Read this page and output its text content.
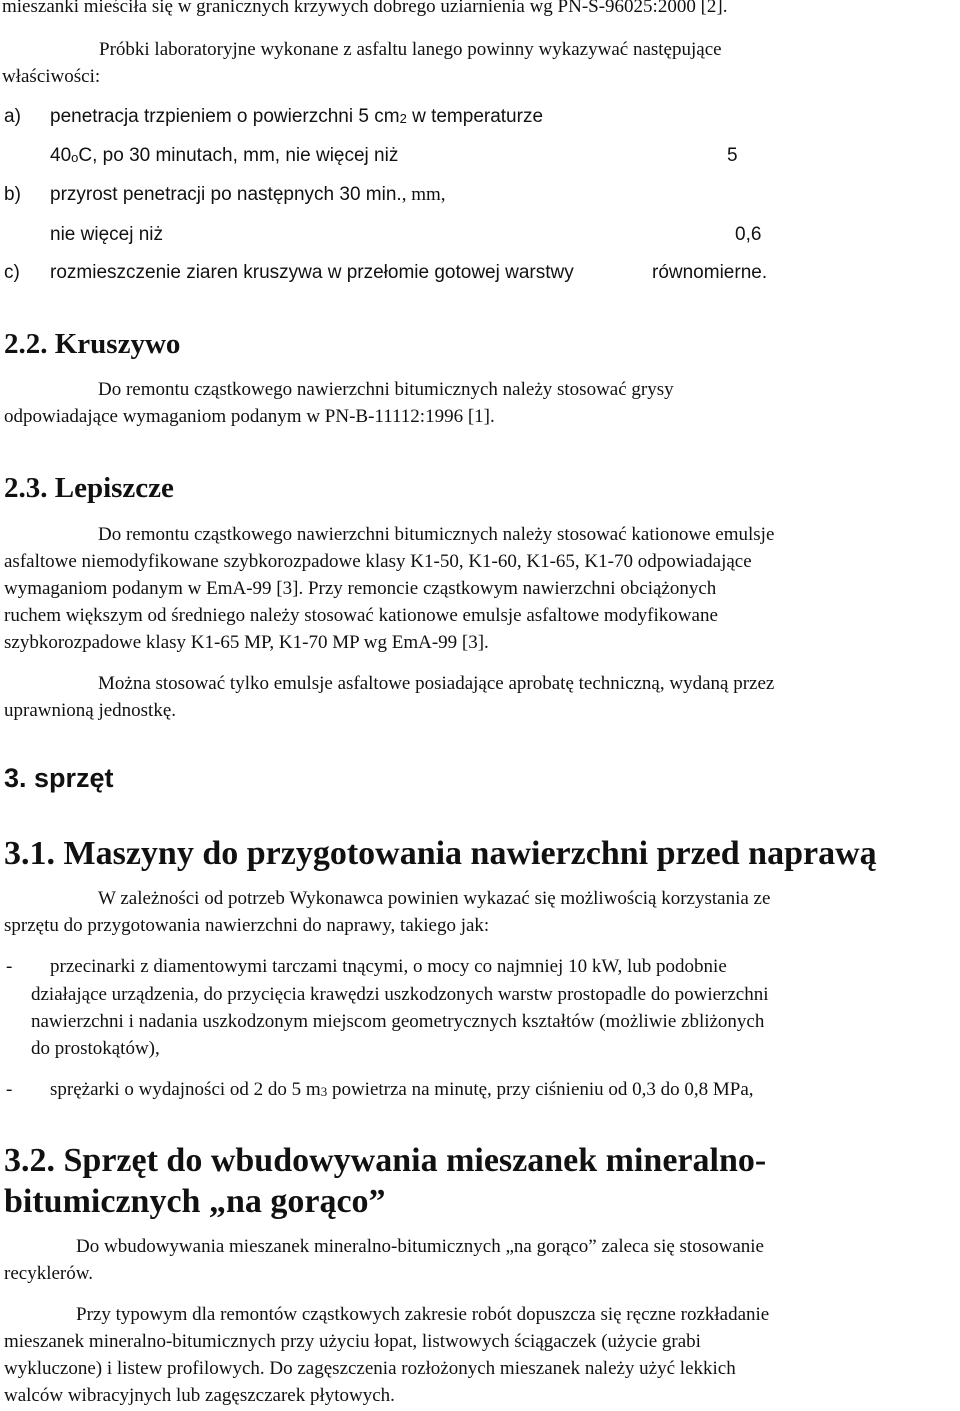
mieszanki mieściła się w granicznych krzywych dobrego uziarnienia wg PN-S-96025:2000 [2].
Próbki laboratoryjne wykonane z asfaltu lanego powinny wykazywać następujące
właściwości:
a) penetracja trzpieniem o powierzchni 5 $cm_2$ w temperaturze
$40_oC$, po 30 minutach, mm, nie więcej niż	5
b) przyrost penetracji po następnych 30 min., mm,
nie więcej niż	0,6
c) rozmieszczenie ziaren kruszywa w przełomie gotowej warstwy	równomierne.
2.2. Kruszywo
Do remontu cząstkowego nawierzchni bitumicznych należy stosować grysy
odpowiadające wymaganiom podanym w PN-B-11112:1996 [1].
2.3. Lepiszcze
Do remontu cząstkowego nawierzchni bitumicznych należy stosować kationowe emulsje
asfaltowe niemodyfikowane szybkorozpadowe klasy K1-50, K1-60, K1-65, K1-70 odpowiadające
wymaganiom podanym w EmA-99 [3]. Przy remoncie cząstkowym nawierzchni obciążonych
ruchem większym od średniego należy stosować kationowe emulsje asfaltowe modyfikowane
szybkorozpadowe klasy K1-65 MP, K1-70 MP wg EmA-99 [3].
Można stosować tylko emulsje asfaltowe posiadające aprobatę techniczną, wydaną przez
uprawnioną jednostkę.
3. sprzęt
3.1. Maszyny do przygotowania nawierzchni przed naprawą
W zależności od potrzeb Wykonawca powinien wykazać się możliwością korzystania ze
sprzętu do przygotowania nawierzchni do naprawy, takiego jak:
- przecinarki z diamentowymi tarczami tnącymi, o mocy co najmniej 10 kW, lub podobnie
działające urządzenia, do przycięcia krawędzi uszkodzonych warstw prostopadle do powierzchni
nawierzchni i nadania uszkodzonym miejscom geometrycznych kształtów (możliwie zbliżonych
do prostokątów),
- sprężarki o wydajności od 2 do 5 $m_3$ powietrza na minutę, przy ciśnieniu od 0,3 do 0,8 MPa,
3.2. Sprzęt do wbudowywania mieszanek mineralno-
bitumicznych „na gorąco”
Do wbudowywania mieszanek mineralno-bitumicznych „na gorąco” zaleca się stosowanie
recyklerów.
Przy typowym dla remontów cząstkowych zakresie robót dopuszcza się ręczne rozkładanie
mieszanek mineralno-bitumicznych przy użyciu łopat, listwowych ściągaczek (użycie grabi
wykluczone) i listew profilowych. Do zagęszczenia rozłożonych mieszanek należy użyć lekkich
walców wibracyjnych lub zagęszczarek płytowych.
